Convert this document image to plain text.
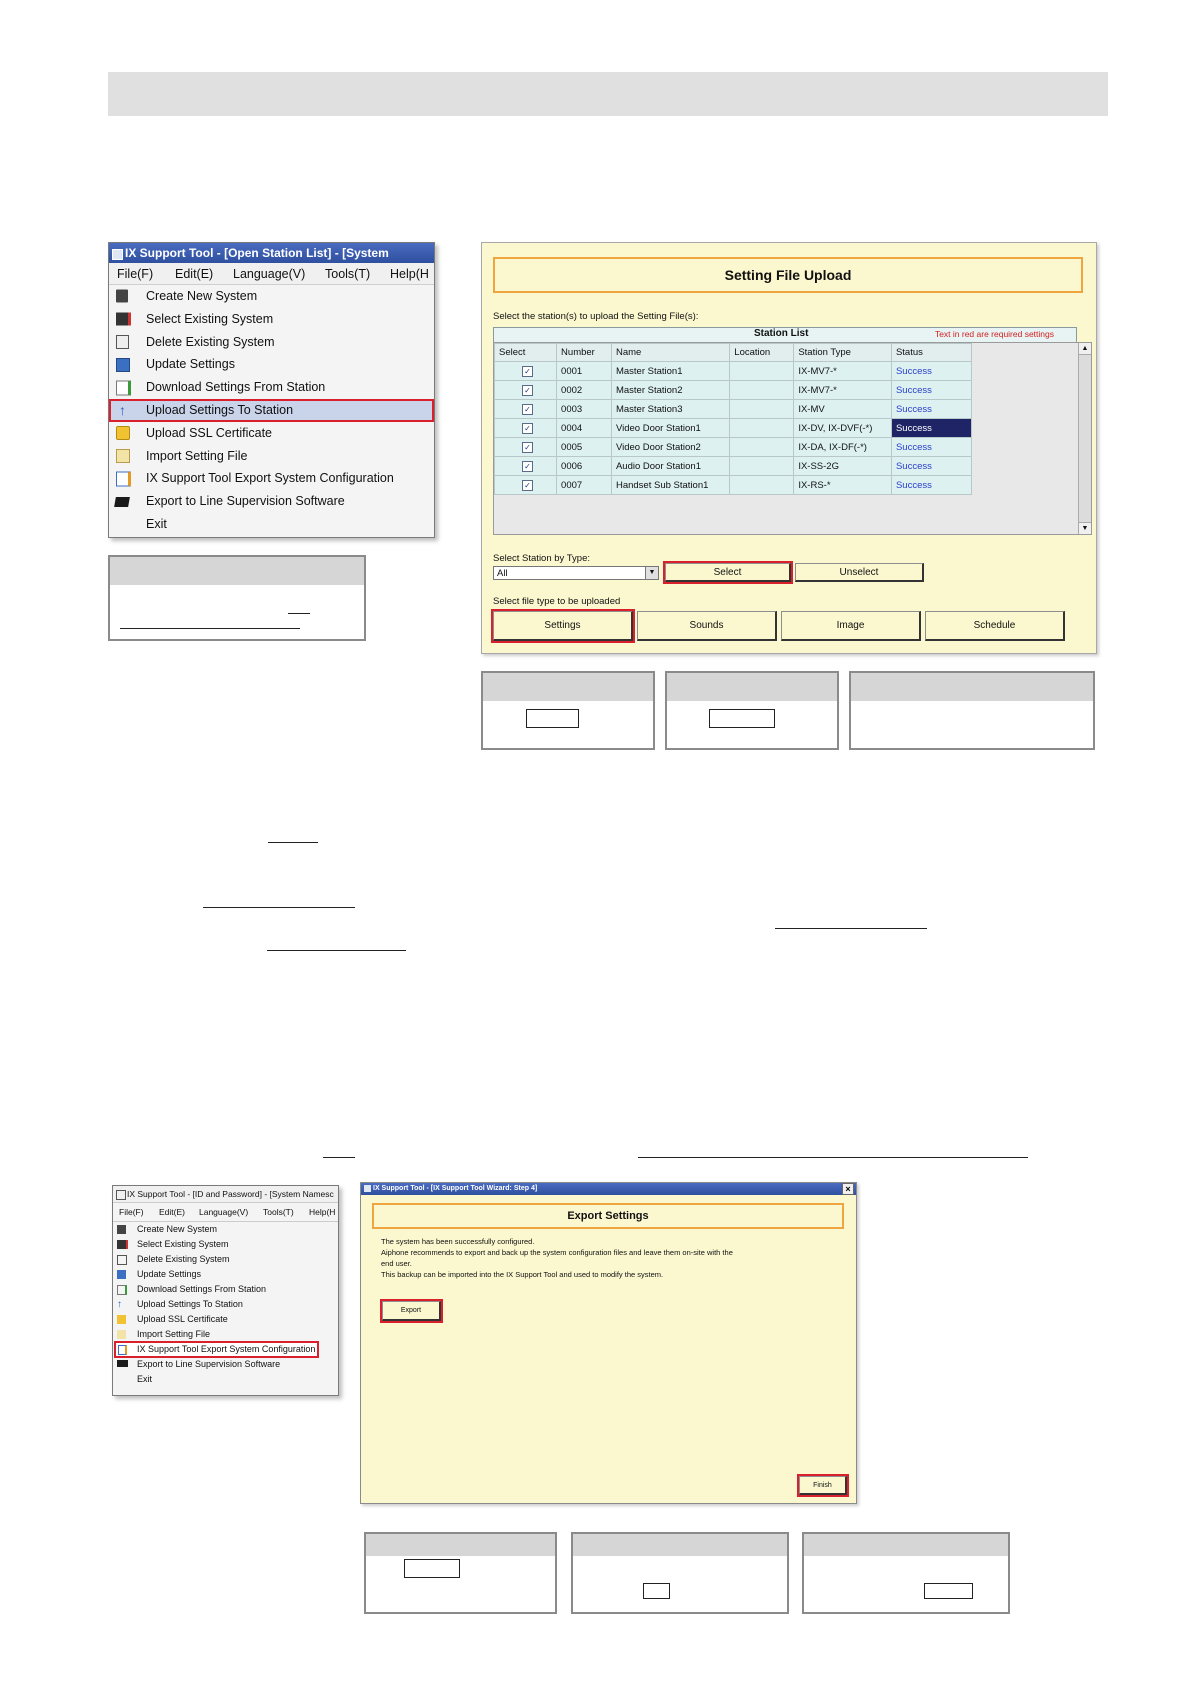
IX Support Tool - [Open Station List] - [System
File(F) Edit(E) Language(V) Tools(T) Help(H
Create New System
Select Existing System
Delete Existing System
Update Settings
Download Settings From Station
↑ Upload Settings To Station
Upload SSL Certificate
Import Setting File
IX Support Tool Export System Configuration
Export to Line Supervision Software
Exit
Setting File Upload
Select the station(s) to upload the Setting File(s):
Station List	Text in red are required settings
Select	Number	Name	Location	Station Type	Status
✓	0001	Master Station1		IX-MV7-*	Success
✓	0002	Master Station2		IX-MV7-*	Success
✓	0003	Master Station3		IX-MV	Success
✓	0004	Video Door Station1		IX-DV, IX-DVF(-*)	Success
✓	0005	Video Door Station2		IX-DA, IX-DF(-*)	Success
✓	0006	Audio Door Station1		IX-SS-2G	Success
✓	0007	Handset Sub Station1		IX-RS-*	Success
▲
▼
Select Station by Type:
All	▼	Select	Unselect
Select file type to be uploaded
Settings	Sounds	Image	Schedule
IX Support Tool - [ID and Password] - [System Namesc
File(F) Edit(E) Language(V) Tools(T) Help(H
Create New System
Select Existing System
Delete Existing System
Update Settings
Download Settings From Station
↑	Upload Settings To Station
Upload SSL Certificate
Import Setting File
IX Support Tool Export System Configuration
Export to Line Supervision Software
Exit
IX Support Tool - [IX Support Tool Wizard: Step 4]	×
Export Settings
The system has been successfully configured.
Aiphone recommends to export and back up the system configuration files and leave them on-site with the
end user.
This backup can be imported into the IX Support Tool and used to modify the system.
Export
Finish
